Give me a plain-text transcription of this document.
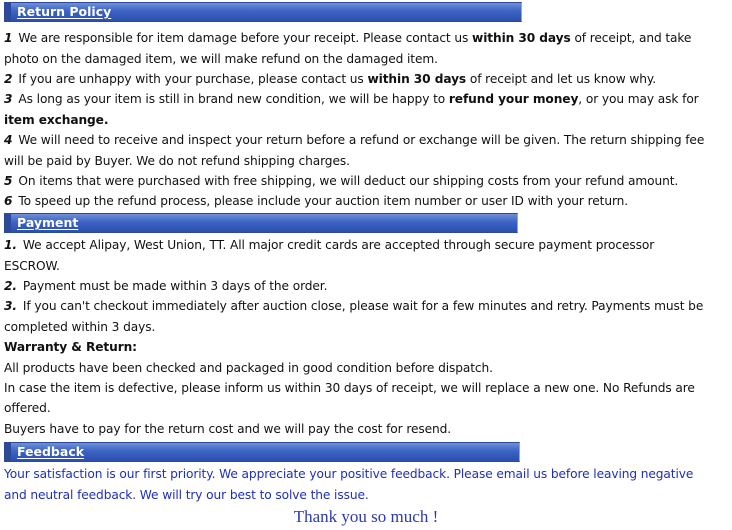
Return Policy
1 We are responsible for item damage before your receipt. Please contact us within 30 days of receipt, and take
photo on the damaged item, we will make refund on the damaged item.
2 If you are unhappy with your purchase, please contact us within 30 days of receipt and let us know why.
3 As long as your item is still in brand new condition, we will be happy to refund your money, or you may ask for
item exchange.
4 We will need to receive and inspect your return before a refund or exchange will be given. The return shipping fee
will be paid by Buyer. We do not refund shipping charges.
5 On items that were purchased with free shipping, we will deduct our shipping costs from your refund amount.
6 To speed up the refund process, please include your auction item number or user ID with your return.
Payment
1. We accept Alipay, West Union, TT. All major credit cards are accepted through secure payment processor
ESCROW.
2. Payment must be made within 3 days of the order.
3. If you can't checkout immediately after auction close, please wait for a few minutes and retry. Payments must be
completed within 3 days.
Warranty & Return:
All products have been checked and packaged in good condition before dispatch.
In case the item is defective, please inform us within 30 days of receipt, we will replace a new one. No Refunds are
offered.
Buyers have to pay for the return cost and we will pay the cost for resend.
Feedback
Your satisfaction is our first priority. We appreciate your positive feedback. Please email us before leaving negative
and neutral feedback. We will try our best to solve the issue.
Thank you so much !
